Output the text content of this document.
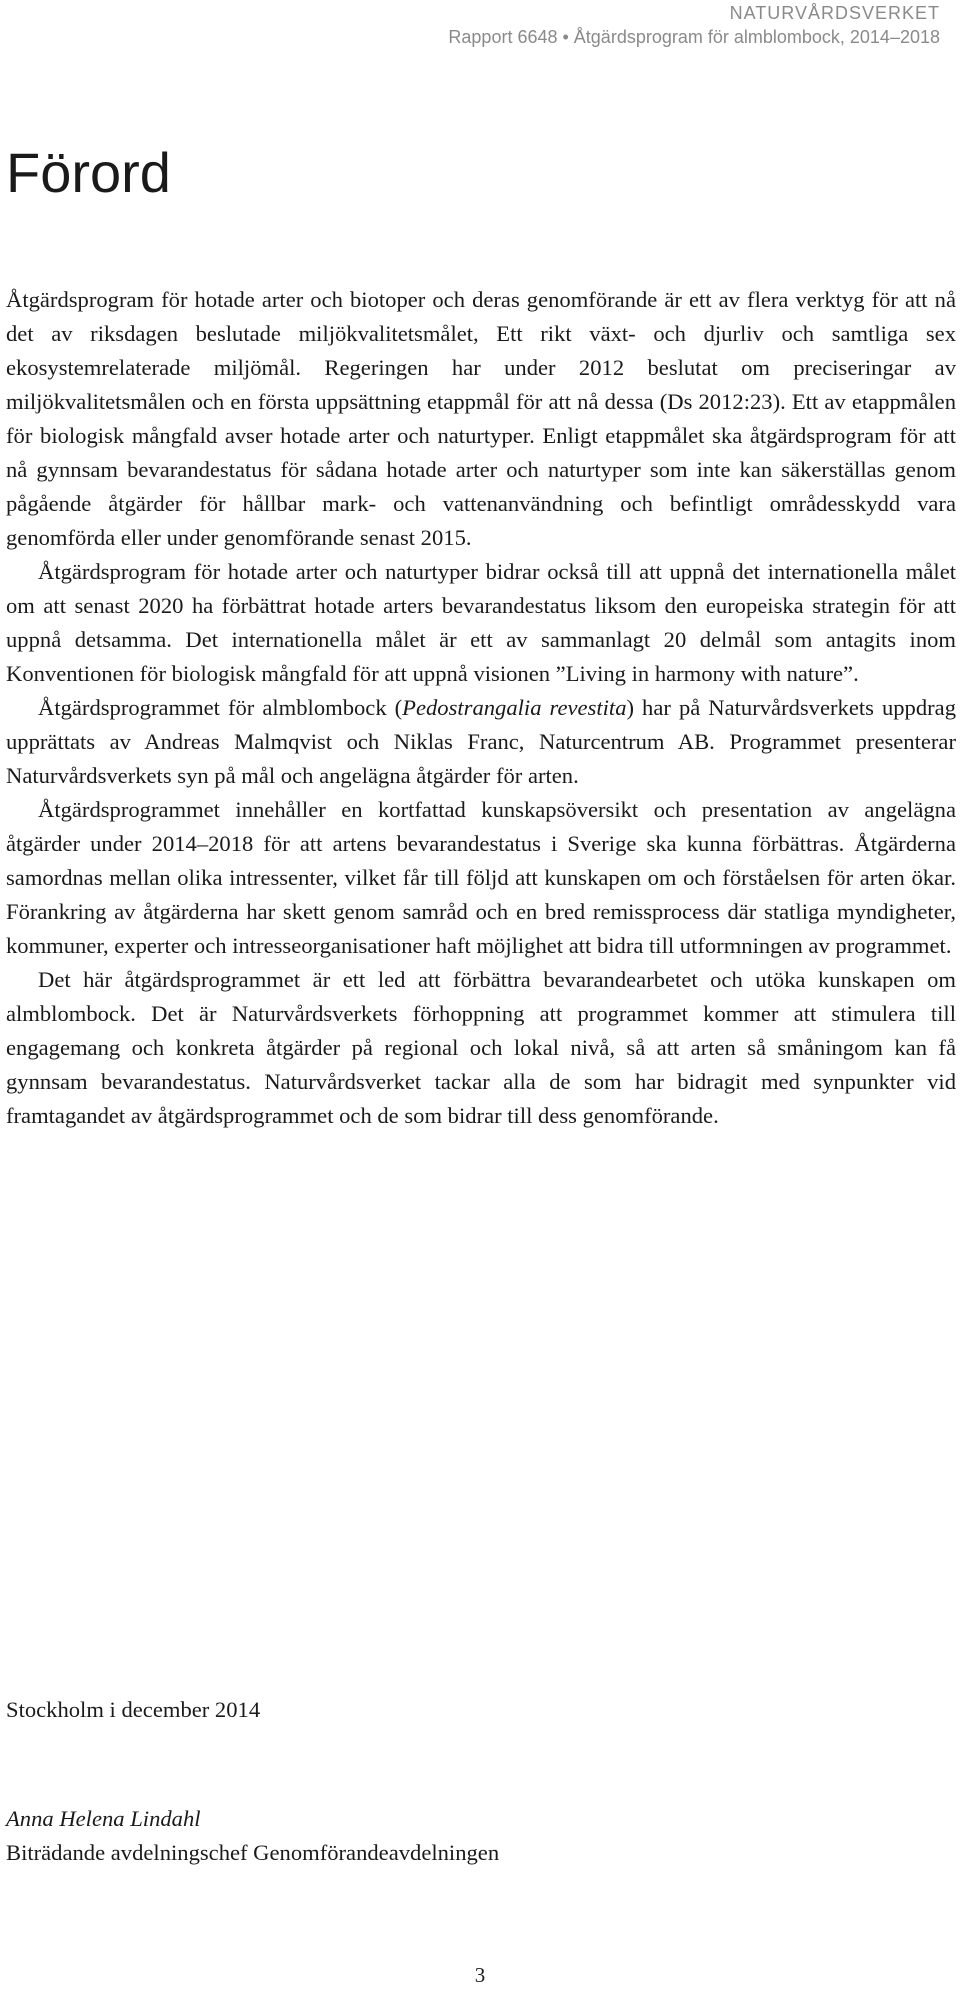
NATURVÅRDSVERKET
Rapport 6648 • Åtgärdsprogram för almblombock, 2014–2018
Förord

Åtgärdsprogram för hotade arter och biotoper och deras genomförande är ett av flera verktyg för att nå det av riksdagen beslutade miljökvalitetsmålet, Ett rikt växt- och djurliv och samtliga sex ekosystemrelaterade miljömål. Regeringen har under 2012 beslutat om preciseringar av miljökvalitetsmålen och en första uppsättning etappmål för att nå dessa (Ds 2012:23). Ett av etappmålen för biologisk mångfald avser hotade arter och naturtyper. Enligt etappmålet ska åtgärdsprogram för att nå gynnsam bevarandestatus för sådana hotade arter och naturtyper som inte kan säkerställas genom pågående åtgärder för hållbar mark- och vattenanvändning och befintligt områdesskydd vara genomförda eller under genomförande senast 2015.

Åtgärdsprogram för hotade arter och naturtyper bidrar också till att uppnå det internationella målet om att senast 2020 ha förbättrat hotade arters bevarandestatus liksom den europeiska strategin för att uppnå detsamma. Det internationella målet är ett av sammanlagt 20 delmål som antagits inom Konventionen för biologisk mångfald för att uppnå visionen ”Living in harmony with nature”.

Åtgärdsprogrammet för almblombock (Pedostrangalia revestita) har på Naturvårdsverkets uppdrag upprättats av Andreas Malmqvist och Niklas Franc, Naturcentrum AB. Programmet presenterar Naturvårdsverkets syn på mål och angelägna åtgärder för arten.

Åtgärdsprogrammet innehåller en kortfattad kunskapsöversikt och presentation av angelägna åtgärder under 2014–2018 för att artens bevarandestatus i Sverige ska kunna förbättras. Åtgärderna samordnas mellan olika intressenter, vilket får till följd att kunskapen om och förståelsen för arten ökar. Förankring av åtgärderna har skett genom samråd och en bred remissprocess där statliga myndigheter, kommuner, experter och intresseorganisationer haft möjlighet att bidra till utformningen av programmet.

Det här åtgärdsprogrammet är ett led att förbättra bevarandearbetet och utöka kunskapen om almblombock. Det är Naturvårdsverkets förhoppning att programmet kommer att stimulera till engagemang och konkreta åtgärder på regional och lokal nivå, så att arten så småningom kan få gynnsam bevarandestatus. Naturvårdsverket tackar alla de som har bidragit med synpunkter vid framtagandet av åtgärdsprogrammet och de som bidrar till dess genomförande.

Stockholm i december 2014
Anna Helena Lindahl
Biträdande avdelningschef Genomförandeavdelningen
3
